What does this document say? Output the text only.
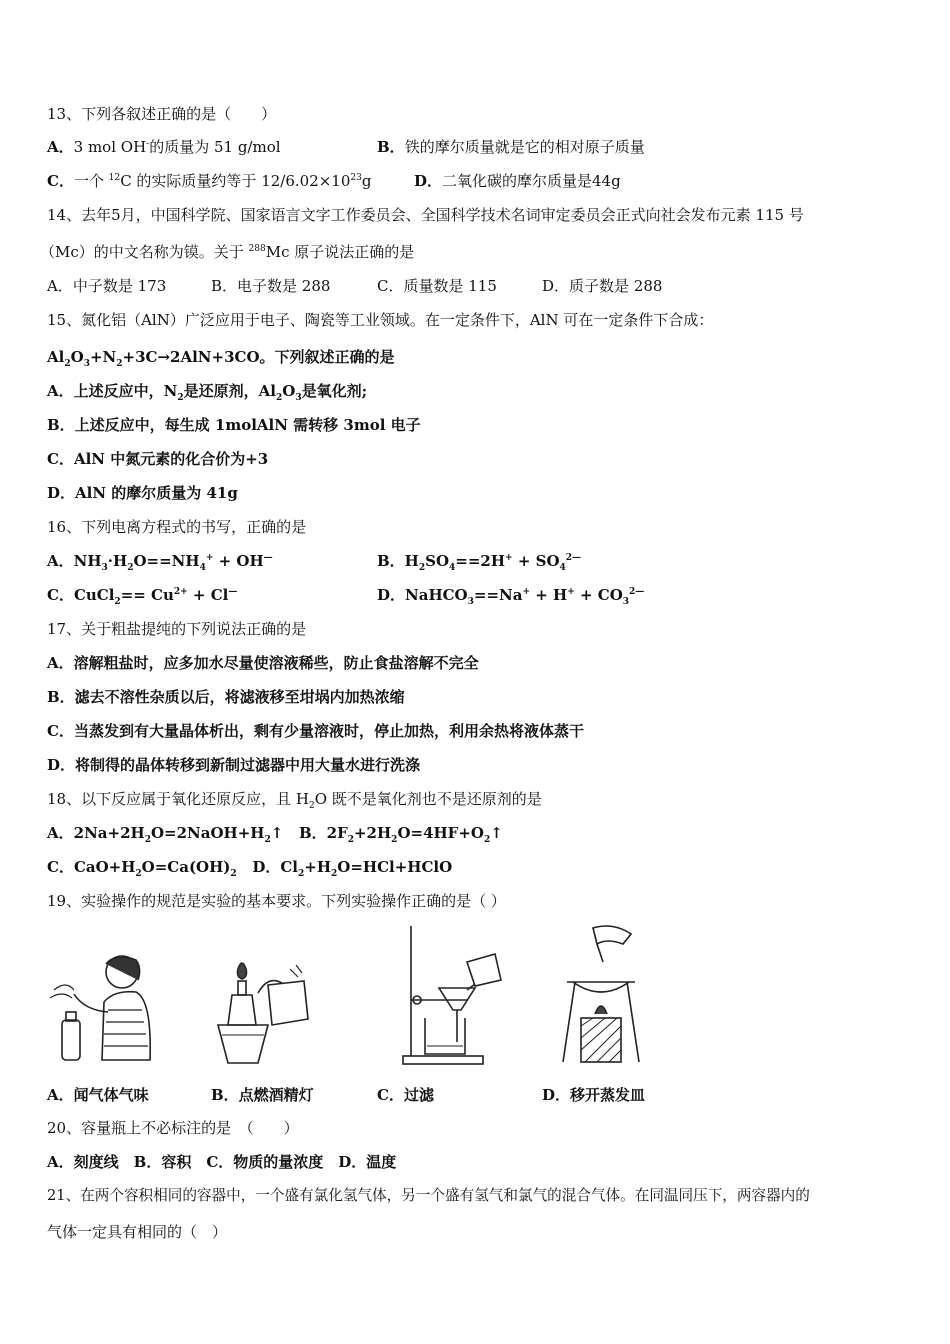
13、下列各叙述正确的是（　　）
A．3 mol OH-的质量为 51 g/mol	B．铁的摩尔质量就是它的相对原子质量
C．一个 $^{12}$C 的实际质量约等于 $12/6.02\times 10^{23}g$	D．二氧化碳的摩尔质量是44g
14、去年5月，中国科学院、国家语言文字工作委员会、全国科学技术名词审定委员会正式向社会发布元素 115 号
（Mc）的中文名称为镆。关于 $^{288}$Mc 原子说法正确的是
A．中子数是 173	B．电子数是 288	C．质量数是 115	D．质子数是 288
15、氮化铝（AlN）广泛应用于电子、陶瓷等工业领域。在一定条件下，AlN 可在一定条件下合成：
$Al_2O_3+N_2+3C\to 2AlN+3CO$。下列叙述正确的是
A．上述反应中，$N_2$是还原剂，$Al_2O_3$是氧化剂;
B．上述反应中，每生成 1molAlN 需转移 3mol 电子
C．AlN 中氮元素的化合价为+3
D．AlN 的摩尔质量为 41g
16、下列电离方程式的书写，正确的是
A．$NH_3\cdot H_2O==NH_4^+ + OH^—$	B．$H_2SO_4==2H^+ + SO_4^{2—}$
C．CuCl$_2$== $Cu^{2+} + Cl^—$	D．NaHCO$_3$==Na+ + $H^+ + CO_3^{2—}$
17、关于粗盐提纯的下列说法正确的是
A．溶解粗盐时，应多加水尽量使溶液稀些，防止食盐溶解不完全
B．滤去不溶性杂质以后，将滤液移至坩埚内加热浓缩
C．当蒸发到有大量晶体析出，剩有少量溶液时，停止加热，利用余热将液体蒸干
D．将制得的晶体转移到新制过滤器中用大量水进行洗涤
18、以下反应属于氧化还原反应，且 $H_2O$ 既不是氧化剂也不是还原剂的是
A．$2Na+2H_2O=2NaOH+H_2↑$ B．$2F_2+2H_2O=4HF+O_2↑$
C．$CaO+H_2O=Ca(OH)_2$ D．$Cl_2+H_2O=HCl+HClO$
19、实验操作的规范是实验的基本要求。下列实验操作正确的是（ ）
A．闻气体气味	B．点燃酒精灯	C．过滤	D．移开蒸发皿
20、容量瓶上不必标注的是　（　　）
A．刻度线　B．容积　C．物质的量浓度　D．温度
21、在两个容积相同的容器中，一个盛有氯化氢气体，另一个盛有氢气和氯气的混合气体。在同温同压下，两容器内的
气体一定具有相同的（　）
